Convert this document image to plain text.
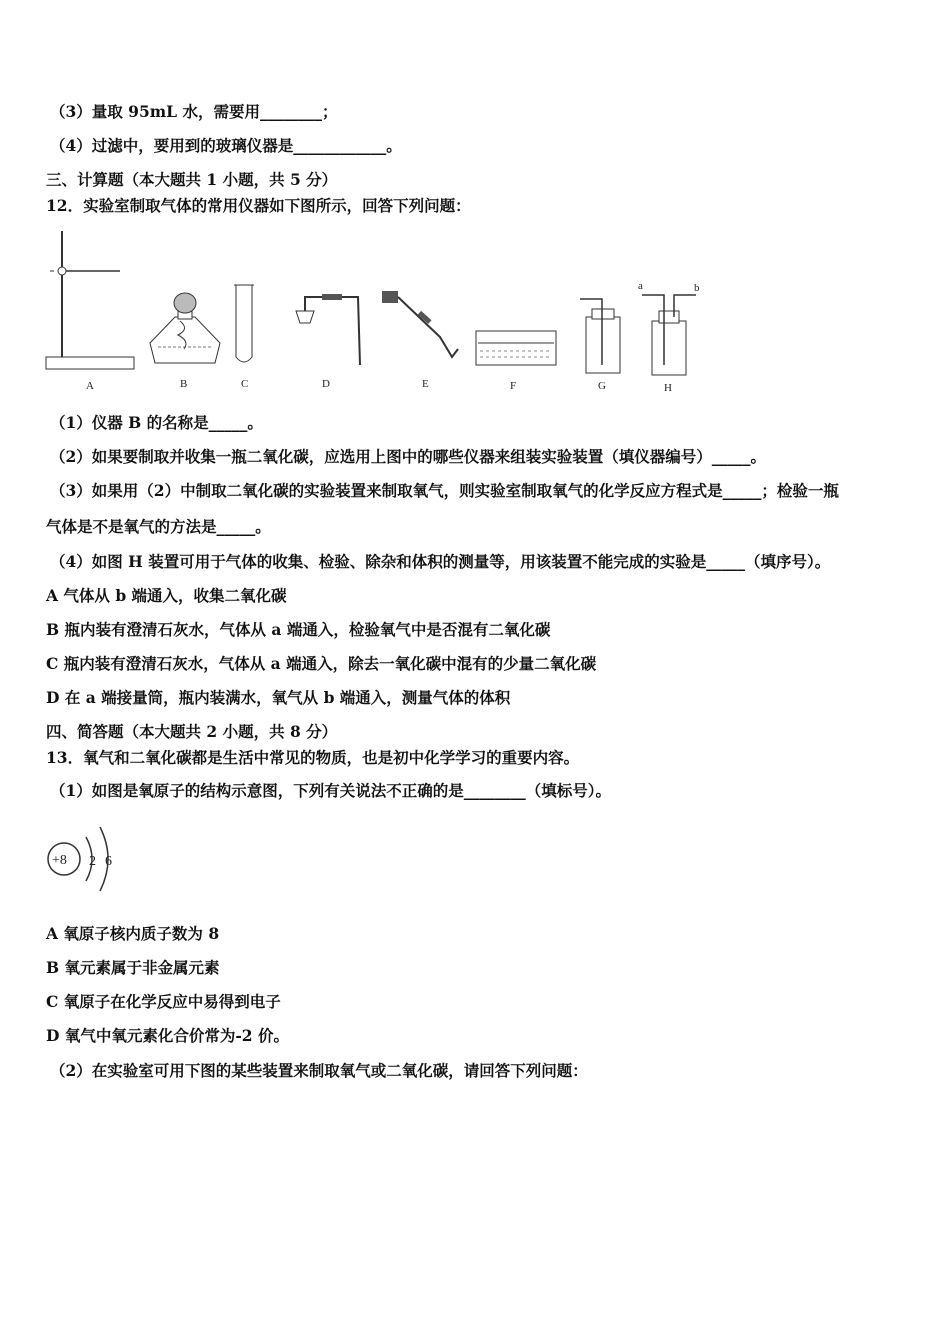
（3）量取 95mL 水，需要用________；
（4）过滤中，要用到的玻璃仪器是____________。
三、计算题（本大题共 1 小题，共 5 分）
12．实验室制取气体的常用仪器如下图所示，回答下列问题：
a	b
A	B	C	D	E	F	G	H
（1）仪器 B 的名称是_____。
（2）如果要制取并收集一瓶二氧化碳，应选用上图中的哪些仪器来组装实验装置（填仪器编号）_____。
（3）如果用（2）中制取二氧化碳的实验装置来制取氧气，则实验室制取氧气的化学反应方程式是_____；检验一瓶
气体是不是氧气的方法是_____。
（4）如图 H 装置可用于气体的收集、检验、除杂和体积的测量等，用该装置不能完成的实验是_____（填序号）。
A 气体从 b 端通入，收集二氧化碳
B 瓶内装有澄清石灰水，气体从 a 端通入，检验氧气中是否混有二氧化碳
C 瓶内装有澄清石灰水，气体从 a 端通入，除去一氧化碳中混有的少量二氧化碳
D 在 a 端接量筒，瓶内装满水，氧气从 b 端通入，测量气体的体积
四、简答题（本大题共 2 小题，共 8 分）
13．氧气和二氧化碳都是生活中常见的物质，也是初中化学学习的重要内容。
（1）如图是氧原子的结构示意图，下列有关说法不正确的是________（填标号）。
+8 2 6
A 氧原子核内质子数为 8
B 氧元素属于非金属元素
C 氧原子在化学反应中易得到电子
D 氧气中氧元素化合价常为-2 价。
（2）在实验室可用下图的某些装置来制取氧气或二氧化碳，请回答下列问题：
